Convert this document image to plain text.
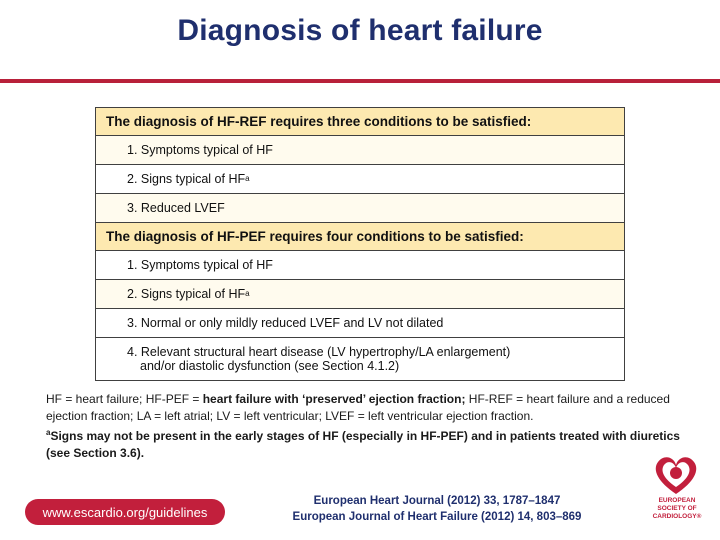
Diagnosis of heart failure
The diagnosis of HF-REF requires three conditions to be satisfied:
1. Symptoms typical of HF
2. Signs typical of HF a
3. Reduced LVEF
The diagnosis of HF-PEF requires four conditions to be satisfied:
1. Symptoms typical of HF
2. Signs typical of HF a
3. Normal or only mildly reduced LVEF and LV not dilated
4. Relevant structural heart disease (LV hypertrophy/LA enlargement)
and/or diastolic dysfunction (see Section 4.1.2)
HF = heart failure; HF-PEF = heart failure with ‘preserved’ ejection fraction; HF-REF = heart failure and a reduced ejection fraction; LA = left atrial; LV = left ventricular; LVEF = left ventricular ejection fraction.
$^a$Signs may not be present in the early stages of HF (especially in HF-PEF) and in patients treated with diuretics (see Section 3.6).
www.escardio.org/guidelines
European Heart Journal (2012) 33, 1787–1847
European Journal of Heart Failure (2012) 14, 803–869
EUROPEAN
SOCIETY OF
CARDIOLOGY®
